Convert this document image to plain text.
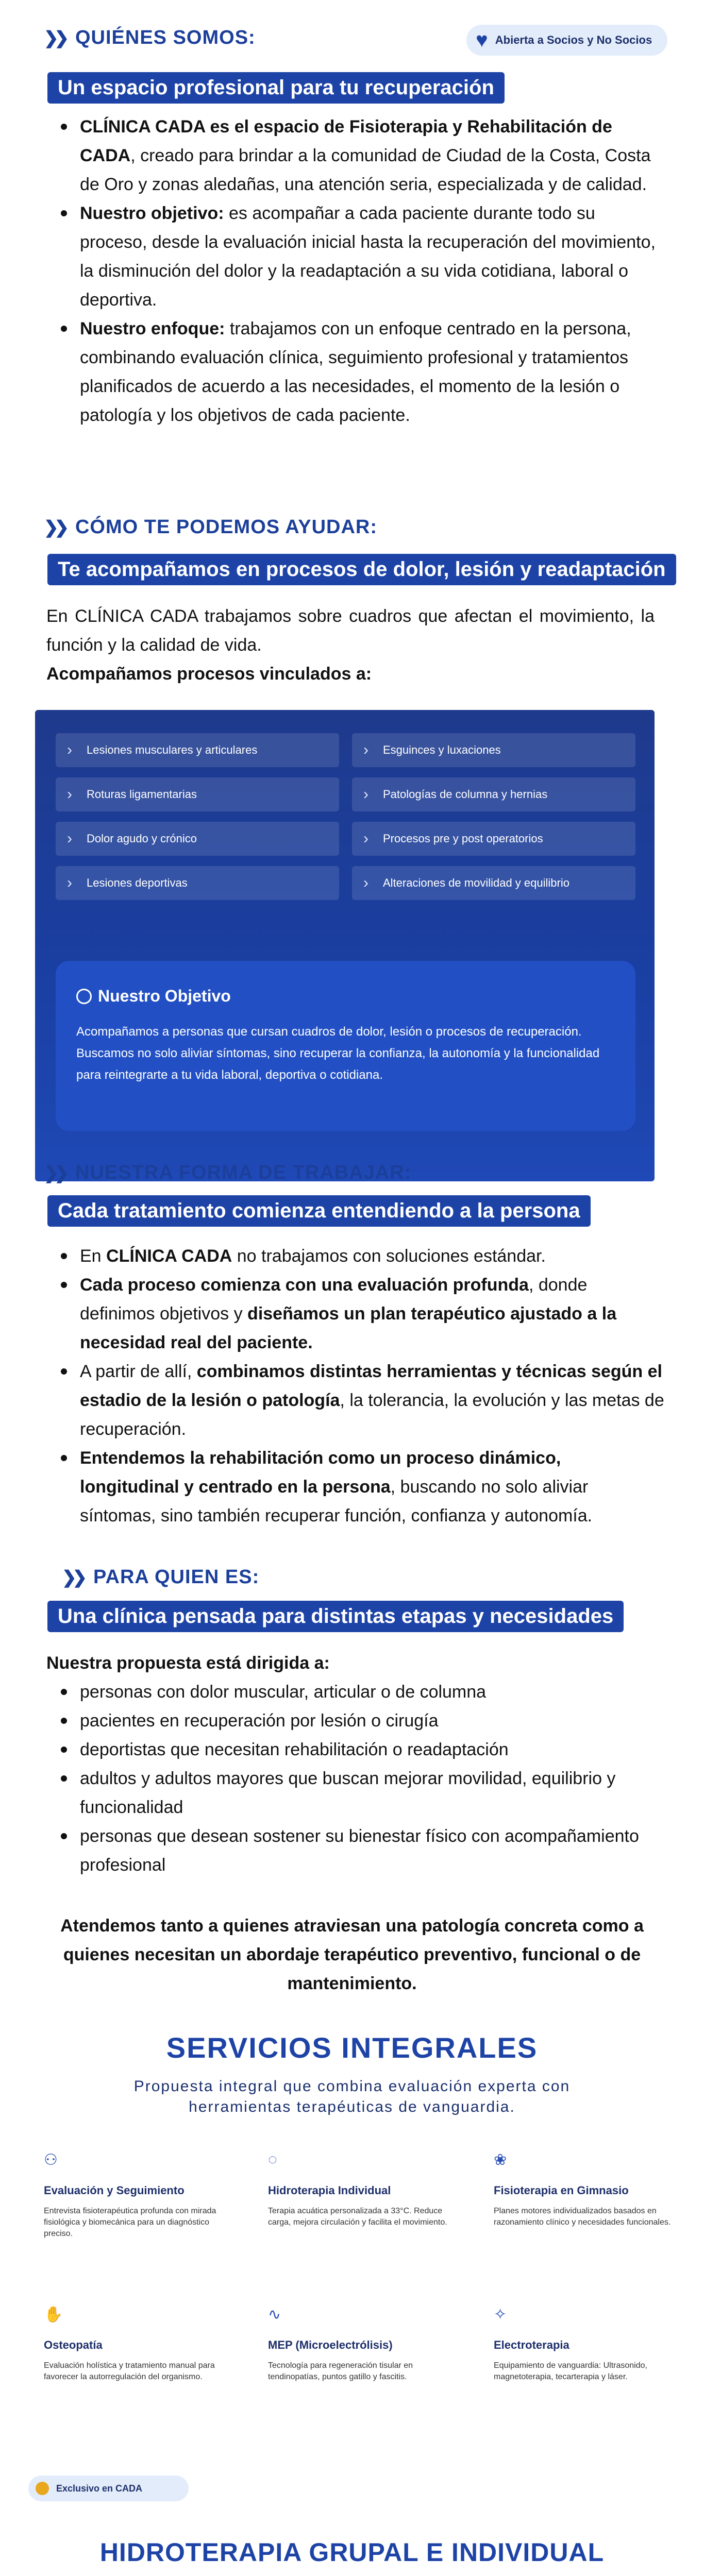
❯❯ QUIÉNES SOMOS:	♥ Abierta a Socios y No Socios
Un espacio profesional para tu recuperación
CLÍNICA CADA es el espacio de Fisioterapia y Rehabilitación de CADA, creado para brindar a la comunidad de Ciudad de la Costa, Costa de Oro y zonas aledañas, una atención seria, especializada y de calidad.
Nuestro objetivo: es acompañar a cada paciente durante todo su proceso, desde la evaluación inicial hasta la recuperación del movimiento, la disminución del dolor y la readaptación a su vida cotidiana, laboral o deportiva.
Nuestro enfoque: trabajamos con un enfoque centrado en la persona, combinando evaluación clínica, seguimiento profesional y tratamientos planificados de acuerdo a las necesidades, el momento de la lesión o patología y los objetivos de cada paciente.
❯❯ CÓMO TE PODEMOS AYUDAR:
Te acompañamos en procesos de dolor, lesión y readaptación

En CLÍNICA CADA trabajamos sobre cuadros que afectan el movimiento, la función y la calidad de vida.

Acompañamos procesos vinculados a:

› Lesiones musculares y articulares	› Esguinces y luxaciones
› Roturas ligamentarias	› Patologías de columna y hernias
› Dolor agudo y crónico	› Procesos pre y post operatorios
› Lesiones deportivas	› Alteraciones de movilidad y equilibrio
Nuestro Objetivo

Acompañamos a personas que cursan cuadros de dolor, lesión o procesos de recuperación. Buscamos no solo aliviar síntomas, sino recuperar la confianza, la autonomía y la funcionalidad para reintegrarte a tu vida laboral, deportiva o cotidiana.

❯❯ NUESTRA FORMA DE TRABAJAR:
Cada tratamiento comienza entendiendo a la persona
En CLÍNICA CADA no trabajamos con soluciones estándar.
Cada proceso comienza con una evaluación profunda, donde definimos objetivos y diseñamos un plan terapéutico ajustado a la necesidad real del paciente.
A partir de allí, combinamos distintas herramientas y técnicas según el estadio de la lesión o patología, la tolerancia, la evolución y las metas de recuperación.
Entendemos la rehabilitación como un proceso dinámico, longitudinal y centrado en la persona, buscando no solo aliviar síntomas, sino también recuperar función, confianza y autonomía.
❯❯ PARA QUIEN ES:
Una clínica pensada para distintas etapas y necesidades

Nuestra propuesta está dirigida a:

personas con dolor muscular, articular o de columna
pacientes en recuperación por lesión o cirugía
deportistas que necesitan rehabilitación o readaptación
adultos y adultos mayores que buscan mejorar movilidad, equilibrio y funcionalidad
personas que desean sostener su bienestar físico con acompañamiento profesional

Atendemos tanto a quienes atraviesan una patología concreta como a quienes necesitan un abordaje terapéutico preventivo, funcional o de mantenimiento.

SERVICIOS INTEGRALES

Propuesta integral que combina evaluación experta con herramientas terapéuticas de vanguardia.

⚇
Evaluación y Seguimiento
Entrevista fisioterapéutica profunda con mirada fisiológica y biomecánica para un diagnóstico preciso.
◌
Hidroterapia Individual
Terapia acuática personalizada a 33°C. Reduce carga, mejora circulación y facilita el movimiento.
❀
Fisioterapia en Gimnasio
Planes motores individualizados basados en razonamiento clínico y necesidades funcionales.
✋
Osteopatía
Evaluación holística y tratamiento manual para favorecer la autorregulación del organismo.
∿
MEP (Microelectrólisis)
Tecnología para regeneración tisular en tendinopatías, puntos gatillo y fascitis.
✧
Electroterapia
Equipamiento de vanguardia: Ultrasonido, magnetoterapia, tecarterapia y láser.
Exclusivo en CADA
HIDROTERAPIA GRUPAL E INDIVIDUAL
